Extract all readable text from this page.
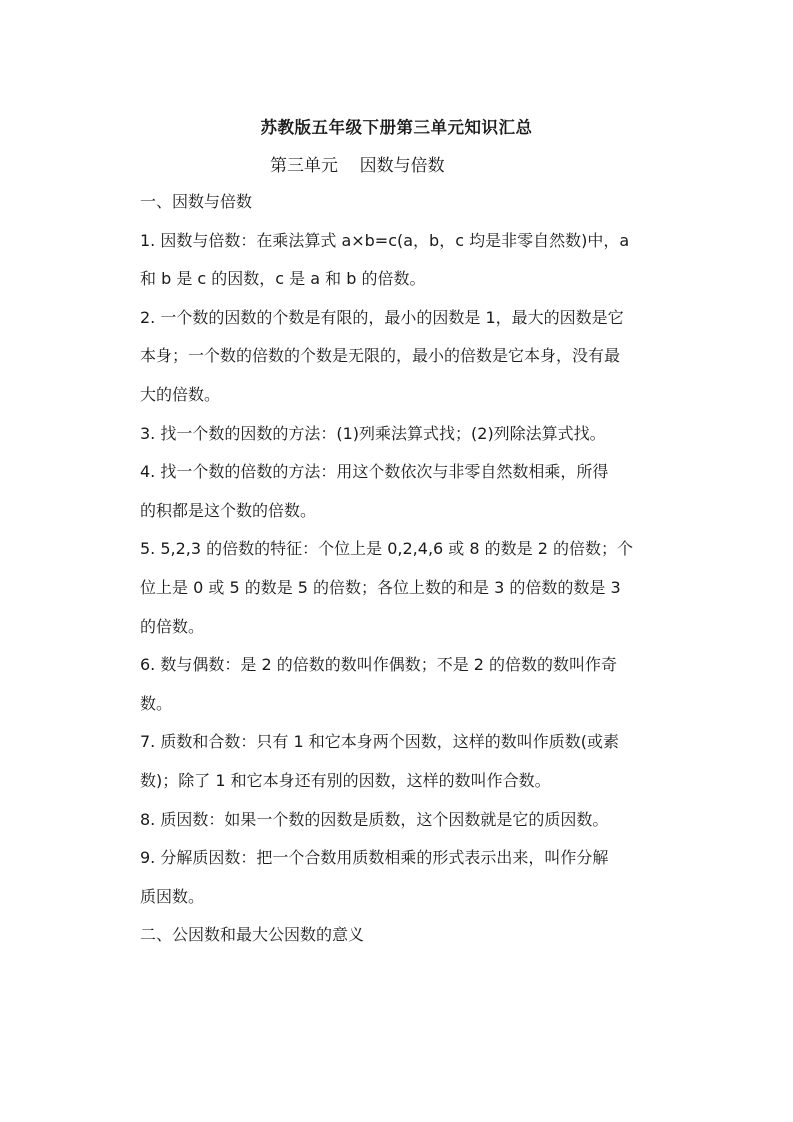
苏教版五年级下册第三单元知识汇总
第三单元    因数与倍数
一、因数与倍数
1. 因数与倍数：在乘法算式 a×b=c(a，b，c 均是非零自然数)中，a
和 b 是 c 的因数，c 是 a 和 b 的倍数。
2. 一个数的因数的个数是有限的，最小的因数是 1，最大的因数是它
本身；一个数的倍数的个数是无限的，最小的倍数是它本身，没有最
大的倍数。
3. 找一个数的因数的方法：(1)列乘法算式找；(2)列除法算式找。
4. 找一个数的倍数的方法：用这个数依次与非零自然数相乘，所得
的积都是这个数的倍数。
5. 5,2,3 的倍数的特征：个位上是 0,2,4,6 或 8 的数是 2 的倍数；个
位上是 0 或 5 的数是 5 的倍数；各位上数的和是 3 的倍数的数是 3
的倍数。
6. 数与偶数：是 2 的倍数的数叫作偶数；不是 2 的倍数的数叫作奇
数。
7. 质数和合数：只有 1 和它本身两个因数，这样的数叫作质数(或素
数)；除了 1 和它本身还有别的因数，这样的数叫作合数。
8. 质因数：如果一个数的因数是质数，这个因数就是它的质因数。
9. 分解质因数：把一个合数用质数相乘的形式表示出来，叫作分解
质因数。
二、公因数和最大公因数的意义
